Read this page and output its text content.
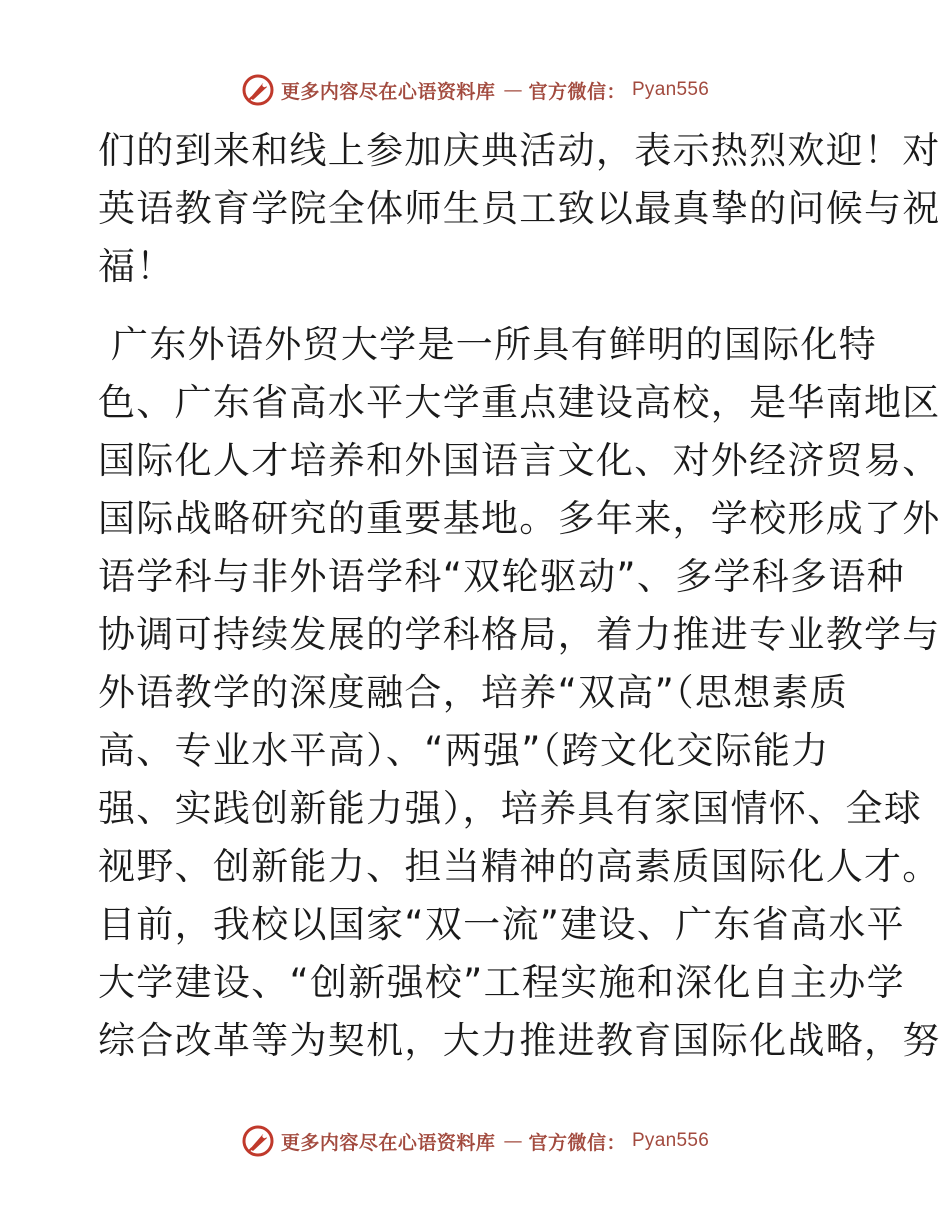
更多内容尽在心语资料库 — 官方微信： Pyan556

们的到来和线上参加庆典活动，表示热烈欢迎！对
英语教育学院全体师生员工致以最真挚的问候与祝
福！

广东外语外贸大学是一所具有鲜明的国际化特
色、广东省高水平大学重点建设高校，是华南地区
国际化人才培养和外国语言文化、对外经济贸易、
国际战略研究的重要基地。多年来，学校形成了外
语学科与非外语学科“双轮驱动”、多学科多语种
协调可持续发展的学科格局，着力推进专业教学与
外语教学的深度融合，培养“双高”（思想素质
高、专业水平高）、“两强”（跨文化交际能力
强、实践创新能力强），培养具有家国情怀、全球
视野、创新能力、担当精神的高素质国际化人才。
目前，我校以国家“双一流”建设、广东省高水平
大学建设、“创新强校”工程实施和深化自主办学
综合改革等为契机，大力推进教育国际化战略，努

更多内容尽在心语资料库 — 官方微信： Pyan556
